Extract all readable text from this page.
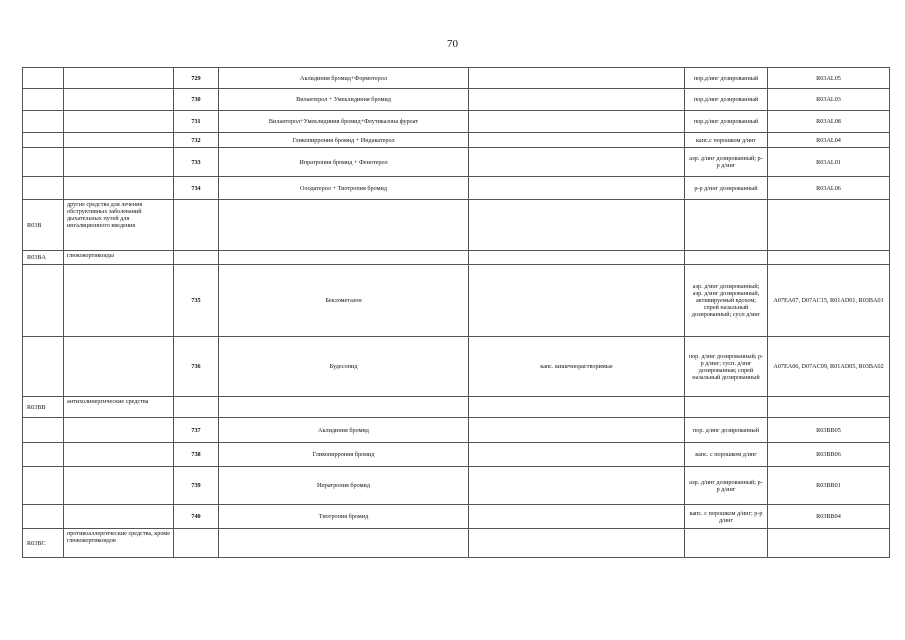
70
		729	Аклидиния бромид+Формотерол		пор.д/инг дозированный	R03AL05
		730	Вилантерол + Умеклидиния бромид		пор.д/инг дозированный	R03AL03
		731	Вилантерол+Умеклидиния бромид+Флутиказона фуроат		пор.д/инг дозированный	R03AL08
		732	Гликопиррония бромид + Индакатерол		капс.с порошком д/инг	R03AL04
		733	Ипратропия бромид + Фенотерол		аэр. д/инг дозированный; р-р д/инг	R03AL01
		734	Олодатерол + Тиотропия бромид		р-р д/инг дозированный	R03AL06
R03B	другие средства для лечения обструктивных заболеваний дыхательных путей для ингаляционного введения					
R03BA	глюкокортикоиды					
		735	Беклометазон		аэр. д/инг дозированный; аэр. д/инг дозированный, активируемый вдохом; спрей назальный дозированный; сусп д/инг	A07EA07, D07AC15, R01AD01, R03BA01
		736	Будесонид	капс. кишечнорастворимые	пор. д/инг дозированный; р-р д/инг; сусп. д/инг дозированная; спрей назальный дозированный	A07EA06, D07AC09, R01AD05, R03BA02
R03BB	антихолинергические средства					
		737	Аклидиния бромид		пор. д/инг дозированный	R03BB05
		738	Гликопиррония бромид		капс. с порошком д/инг	R03BB06
		739	Ипратропия бромид		аэр. д/инг дозированный; р-р д/инг	R03BB01
		740	Тиотропия бромид		капс. с порошком д/инг; р-р д/инг	R03BB04
R03BC	противоаллергические средства, кроме глюкокортикоидов					
